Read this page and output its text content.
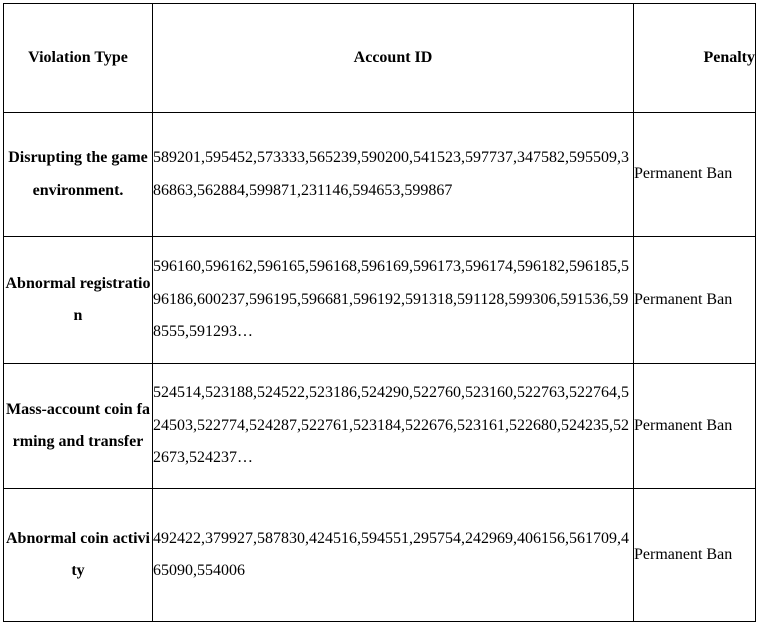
Violation Type	Account ID	Penalty
Disrupting the game environment.	589201,595452,573333,565239,590200,541523,597737,347582,595509,386863,562884,599871,231146,594653,599867	Permanent Ban
Abnormal registration	596160,596162,596165,596168,596169,596173,596174,596182,596185,596186,600237,596195,596681,596192,591318,591128,599306,591536,598555,591293…	Permanent Ban
Mass-account coin farming and transfer	524514,523188,524522,523186,524290,522760,523160,522763,522764,524503,522774,524287,522761,523184,522676,523161,522680,524235,522673,524237…	Permanent Ban
Abnormal coin activity	492422,379927,587830,424516,594551,295754,242969,406156,561709,465090,554006	Permanent Ban
